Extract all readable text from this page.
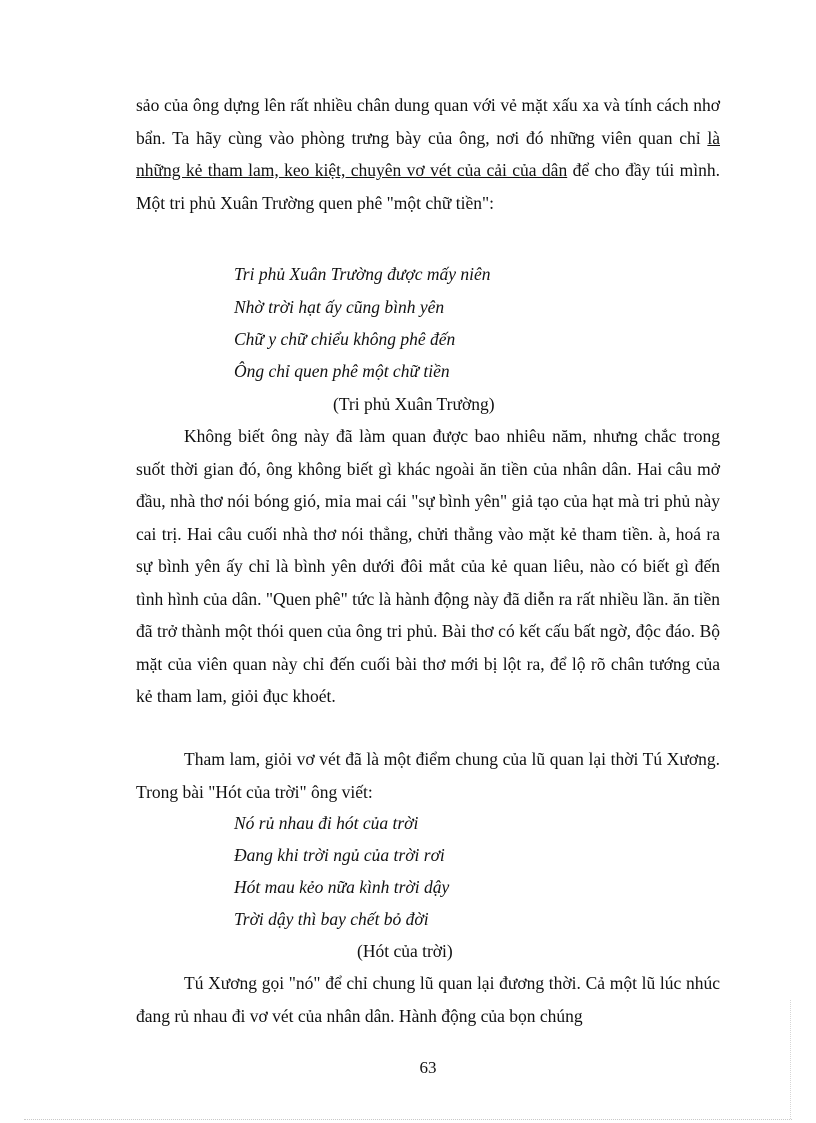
sảo của ông dựng lên rất nhiều chân dung quan với vẻ mặt xấu xa và tính cách nhơ bẩn. Ta hãy cùng vào phòng trưng bày của ông, nơi đó những viên quan chỉ là những kẻ tham lam, keo kiệt, chuyên vơ vét của cải của dân để cho đầy túi mình. Một tri phủ Xuân Trường quen phê "một chữ tiền":

Tri phủ Xuân Trường được mấy niên
Nhờ trời hạt ấy cũng bình yên
Chữ y chữ chiểu không phê đến
Ông chỉ quen phê một chữ tiền
(Tri phủ Xuân Trường)

Không biết ông này đã làm quan được bao nhiêu năm, nhưng chắc trong suốt thời gian đó, ông không biết gì khác ngoài ăn tiền của nhân dân. Hai câu mở đầu, nhà thơ nói bóng gió, mỉa mai cái "sự bình yên" giả tạo của hạt mà tri phủ này cai trị. Hai câu cuối nhà thơ nói thẳng, chửi thẳng vào mặt kẻ tham tiền. à, hoá ra sự bình yên ấy chỉ là bình yên dưới đôi mắt của kẻ quan liêu, nào có biết gì đến tình hình của dân. "Quen phê" tức là hành động này đã diễn ra rất nhiều lần. ăn tiền đã trở thành một thói quen của ông tri phủ. Bài thơ có kết cấu bất ngờ, độc đáo. Bộ mặt của viên quan này chỉ đến cuối bài thơ mới bị lột ra, để lộ rõ chân tướng của kẻ tham lam, giỏi đục khoét.

Tham lam, giỏi vơ vét đã là một điểm chung của lũ quan lại thời Tú Xương. Trong bài "Hót của trời" ông viết:

Nó rủ nhau đi hót của trời
Đang khi trời ngủ của trời rơi
Hót mau kẻo nữa kình trời dậy
Trời dậy thì bay chết bỏ đời
(Hót của trời)

Tú Xương gọi "nó" để chỉ chung lũ quan lại đương thời. Cả một lũ lúc nhúc đang rủ nhau đi vơ vét của nhân dân. Hành động của bọn chúng

63
